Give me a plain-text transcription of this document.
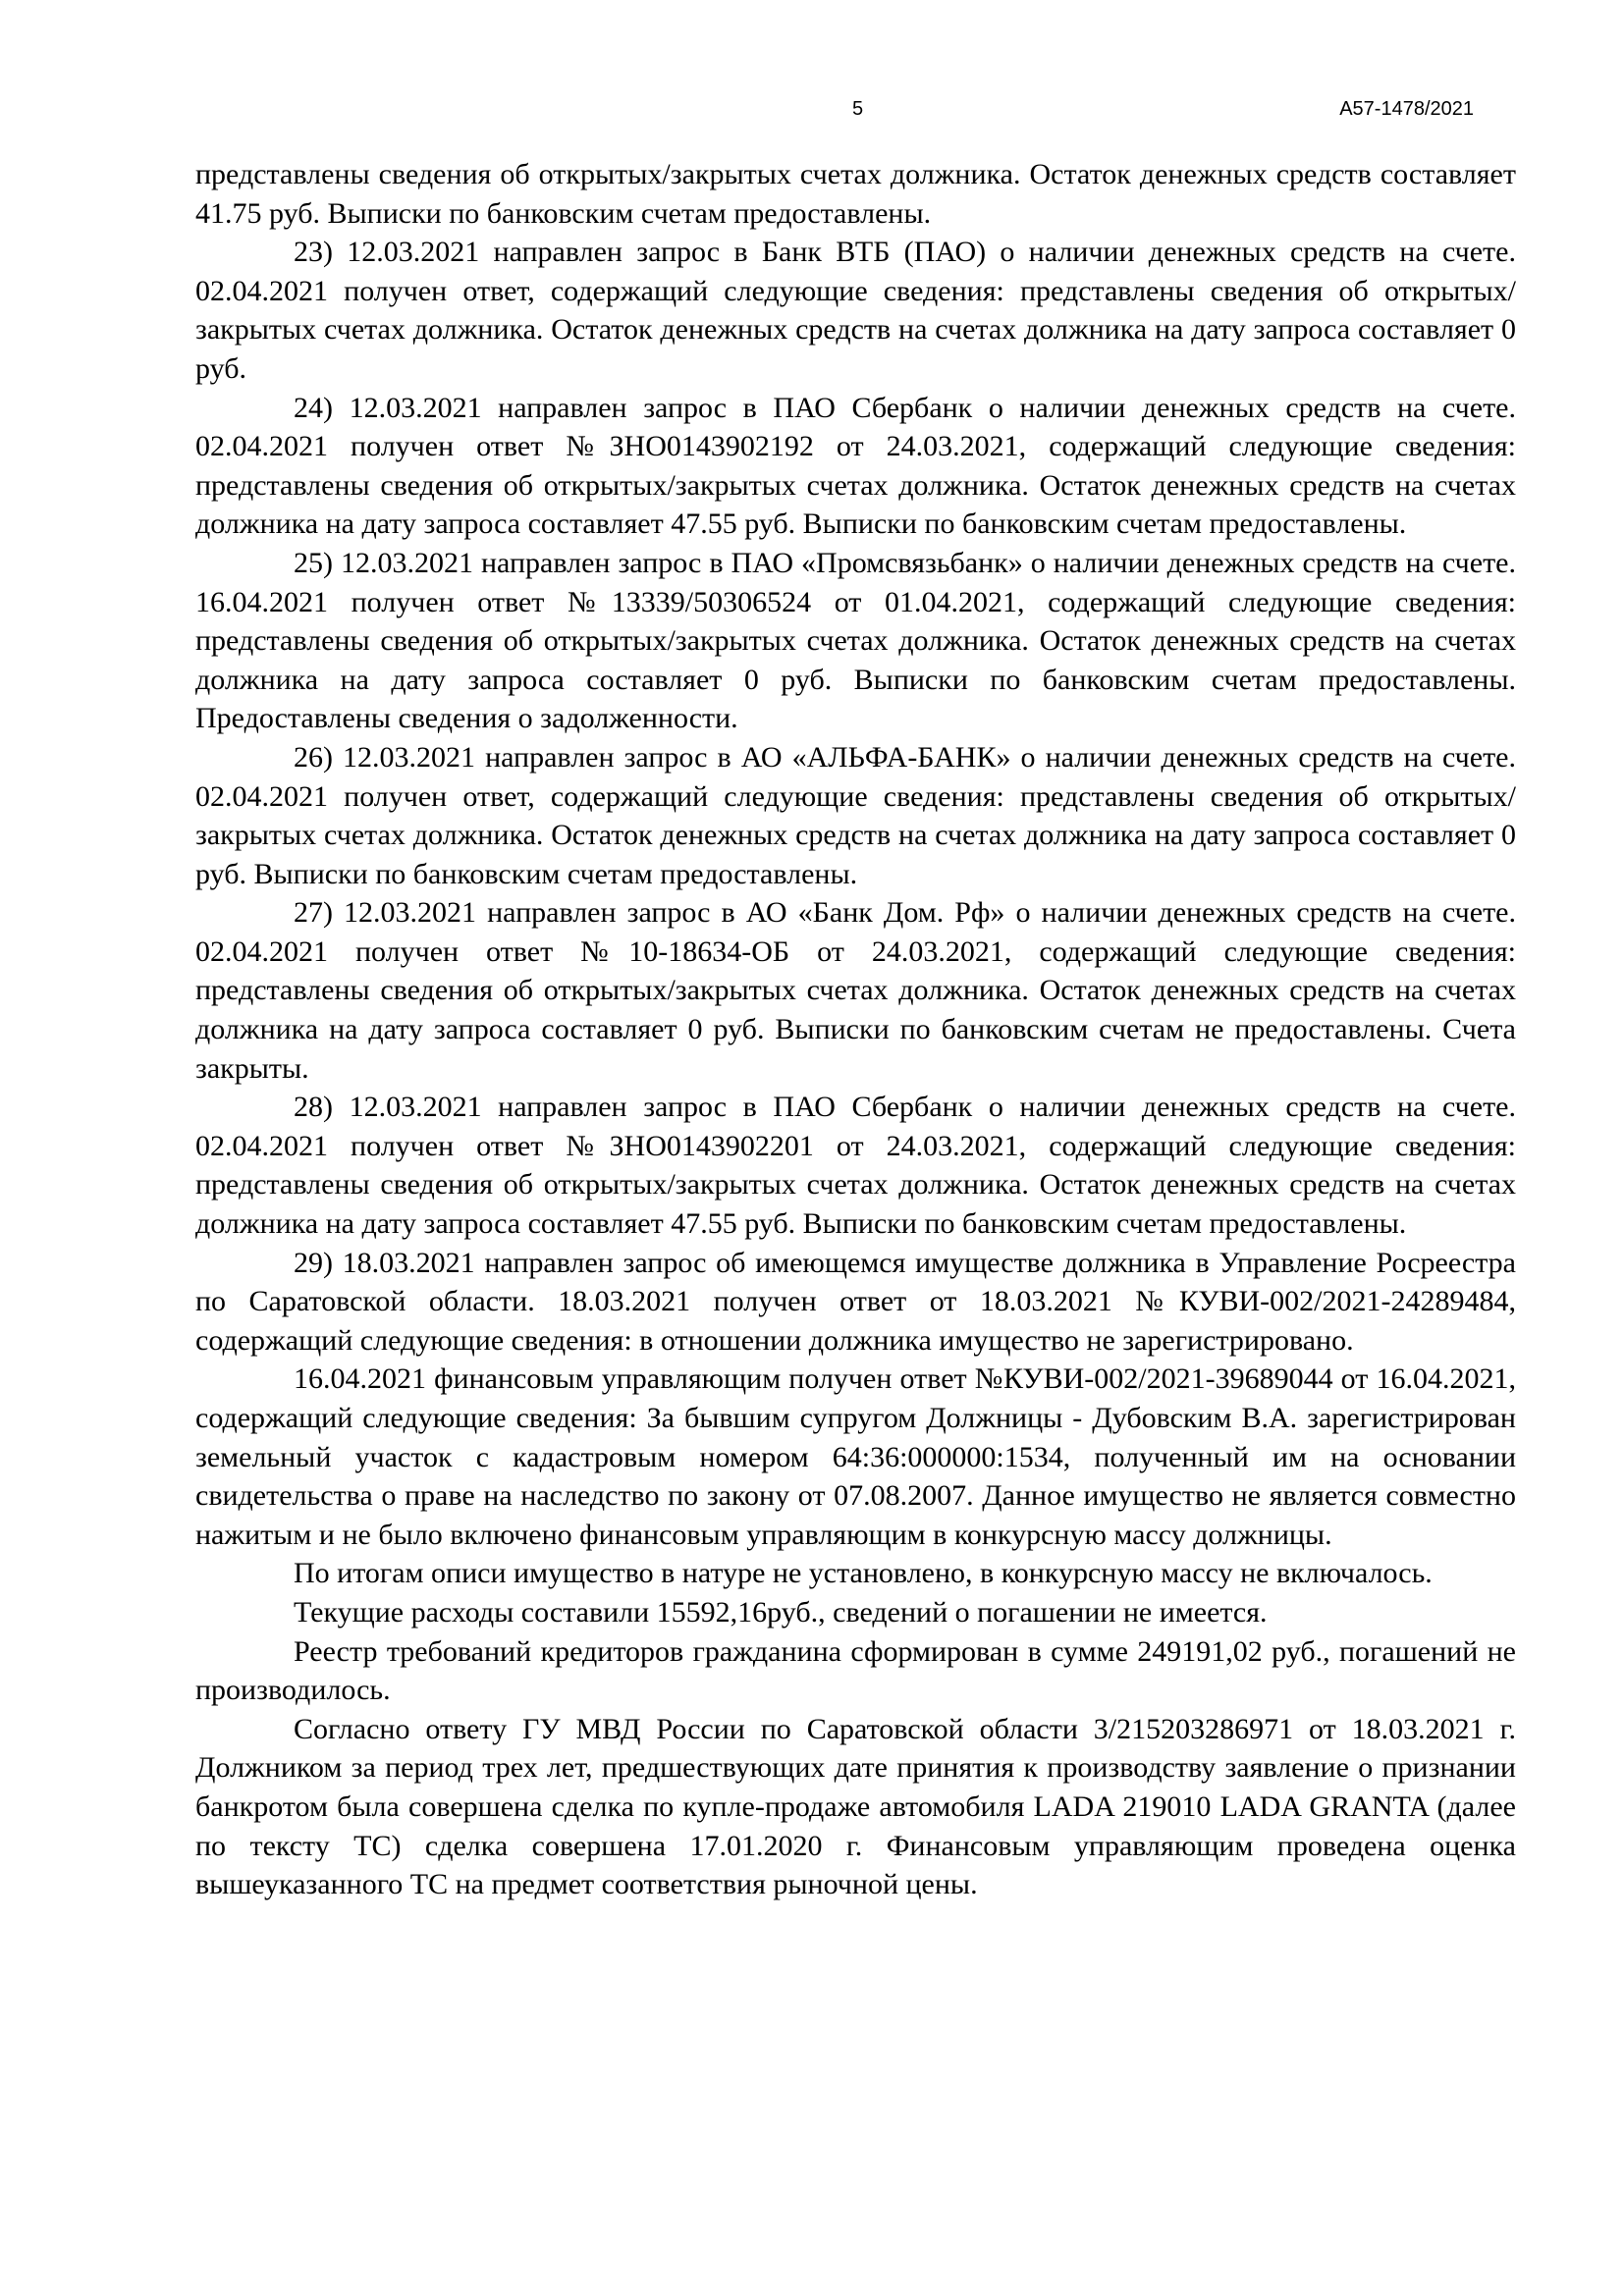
5	А57-1478/2021

представлены сведения об открытых/закрытых счетах должника. Остаток денежных средств составляет 41.75 руб. Выписки по банковским счетам предоставлены.

23) 12.03.2021 направлен запрос в Банк ВТБ (ПАО) о наличии денежных средств на счете. 02.04.2021 получен ответ, содержащий следующие сведения: представлены сведения об открытых/закрытых счетах должника. Остаток денежных средств на счетах должника на дату запроса составляет 0 руб.

24) 12.03.2021 направлен запрос в ПАО Сбербанк о наличии денежных средств на счете. 02.04.2021 получен ответ №ЗНО0143902192 от 24.03.2021, содержащий следующие сведения: представлены сведения об открытых/закрытых счетах должника. Остаток денежных средств на счетах должника на дату запроса составляет 47.55 руб. Выписки по банковским счетам предоставлены.

25) 12.03.2021 направлен запрос в ПАО «Промсвязьбанк» о наличии денежных средств на счете. 16.04.2021 получен ответ №13339/50306524 от 01.04.2021, содержащий следующие сведения: представлены сведения об открытых/закрытых счетах должника. Остаток денежных средств на счетах должника на дату запроса составляет 0 руб. Выписки по банковским счетам предоставлены. Предоставлены сведения о задолженности.

26) 12.03.2021 направлен запрос в АО «АЛЬФА-БАНК» о наличии денежных средств на счете. 02.04.2021 получен ответ, содержащий следующие сведения: представлены сведения об открытых/закрытых счетах должника. Остаток денежных средств на счетах должника на дату запроса составляет 0 руб. Выписки по банковским счетам предоставлены.

27) 12.03.2021 направлен запрос в АО «Банк Дом. Рф» о наличии денежных средств на счете. 02.04.2021 получен ответ №10-18634-ОБ от 24.03.2021, содержащий следующие сведения: представлены сведения об открытых/закрытых счетах должника. Остаток денежных средств на счетах должника на дату запроса составляет 0 руб. Выписки по банковским счетам не предоставлены. Счета закрыты.

28) 12.03.2021 направлен запрос в ПАО Сбербанк о наличии денежных средств на счете. 02.04.2021 получен ответ №ЗНО0143902201 от 24.03.2021, содержащий следующие сведения: представлены сведения об открытых/закрытых счетах должника. Остаток денежных средств на счетах должника на дату запроса составляет 47.55 руб. Выписки по банковским счетам предоставлены.

29) 18.03.2021 направлен запрос об имеющемся имуществе должника в Управление Росреестра по Саратовской области. 18.03.2021 получен ответ от 18.03.2021 №КУВИ-002/2021-24289484, содержащий следующие сведения: в отношении должника имущество не зарегистрировано.

16.04.2021 финансовым управляющим получен ответ №КУВИ-002/2021-39689044 от 16.04.2021, содержащий следующие сведения: За бывшим супругом Должницы - Дубовским В.А. зарегистрирован земельный участок с кадастровым номером 64:36:000000:1534, полученный им на основании свидетельства о праве на наследство по закону от 07.08.2007. Данное имущество не является совместно нажитым и не было включено финансовым управляющим в конкурсную массу должницы.

По итогам описи имущество в натуре не установлено, в конкурсную массу не включалось.

Текущие расходы составили 15592,16руб., сведений о погашении не имеется.

Реестр требований кредиторов гражданина сформирован в сумме 249191,02 руб., погашений не производилось.

Согласно ответу ГУ МВД России по Саратовской области 3/215203286971 от 18.03.2021 г. Должником за период трех лет, предшествующих дате принятия к производству заявление о признании банкротом была совершена сделка по купле-продаже автомобиля LADA 219010 LADA GRANTA (далее по тексту ТС) сделка совершена 17.01.2020 г. Финансовым управляющим проведена оценка вышеуказанного ТС на предмет соответствия рыночной цены.
